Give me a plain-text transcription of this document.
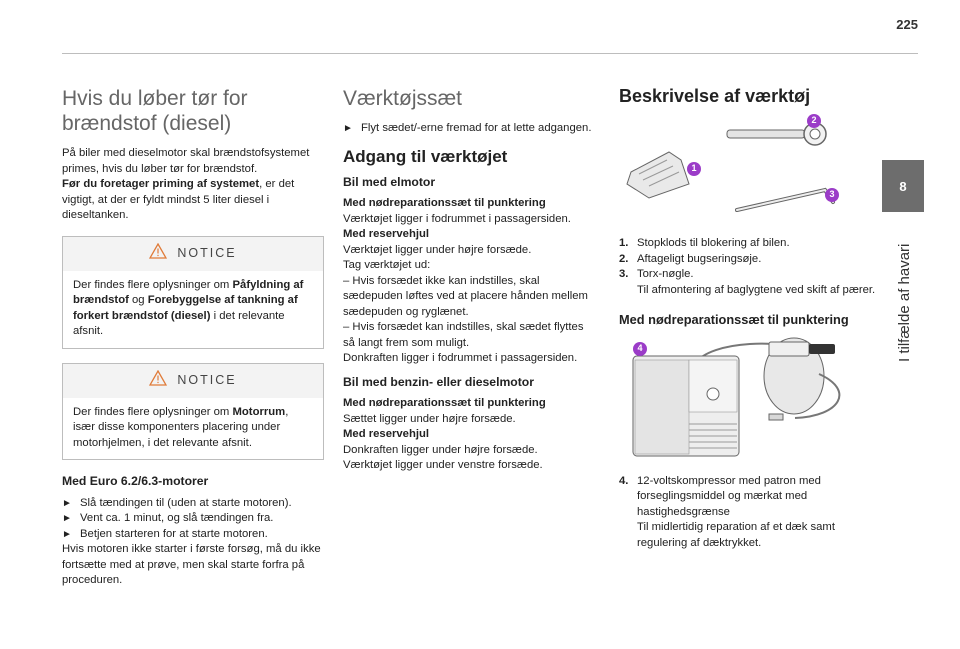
225
8
I tilfælde af havari
Hvis du løber tør for brændstof (diesel)

På biler med dieselmotor skal brændstofsystemet primes, hvis du løber tør for brændstof.

Før du foretager priming af systemet, er det vigtigt, at der er fyldt mindst 5 liter diesel i dieseltanken.

NOTICE
Der findes flere oplysninger om Påfyldning af brændstof og Forebyggelse af tankning af forkert brændstof (diesel) i det relevante afsnit.
NOTICE
Der findes flere oplysninger om Motorrum, især disse komponenters placering under motorhjelmen, i det relevante afsnit.
Med Euro 6.2/6.3-motorer
► Slå tændingen til (uden at starte motoren).
► Vent ca. 1 minut, og slå tændingen fra.
► Betjen starteren for at starte motoren.

Hvis motoren ikke starter i første forsøg, må du ikke fortsætte med at prøve, men skal starte forfra på proceduren.

Værktøjssæt
► Flyt sædet/-erne fremad for at lette adgangen.
Adgang til værktøjet
Bil med elmotor

Med nødreparationssæt til punktering

Værktøjet ligger i fodrummet i passagersiden.

Med reservehjul

Værktøjet ligger under højre forsæde.

Tag værktøjet ud:

– Hvis forsædet ikke kan indstilles, skal sædepuden løftes ved at placere hånden mellem sædepuden og ryglænet.

– Hvis forsædet kan indstilles, skal sædet flyttes så langt frem som muligt.

Donkraften ligger i fodrummet i passagersiden.

Bil med benzin- eller dieselmotor

Med nødreparationssæt til punktering

Sættet ligger under højre forsæde.

Med reservehjul

Donkraften ligger under højre forsæde.

Værktøjet ligger under venstre forsæde.

Beskrivelse af værktøj
1
2
3
1. Stopklods til blokering af bilen.
2. Aftageligt bugseringsøje.
3. Torx-nøgle.
Til afmontering af baglygtene ved skift af pærer.
Med nødreparationssæt til punktering
4
4. 12-voltskompressor med patron med forseglingsmiddel og mærkat med hastighedsgrænse
Til midlertidig reparation af et dæk samt regulering af dæktrykket.
